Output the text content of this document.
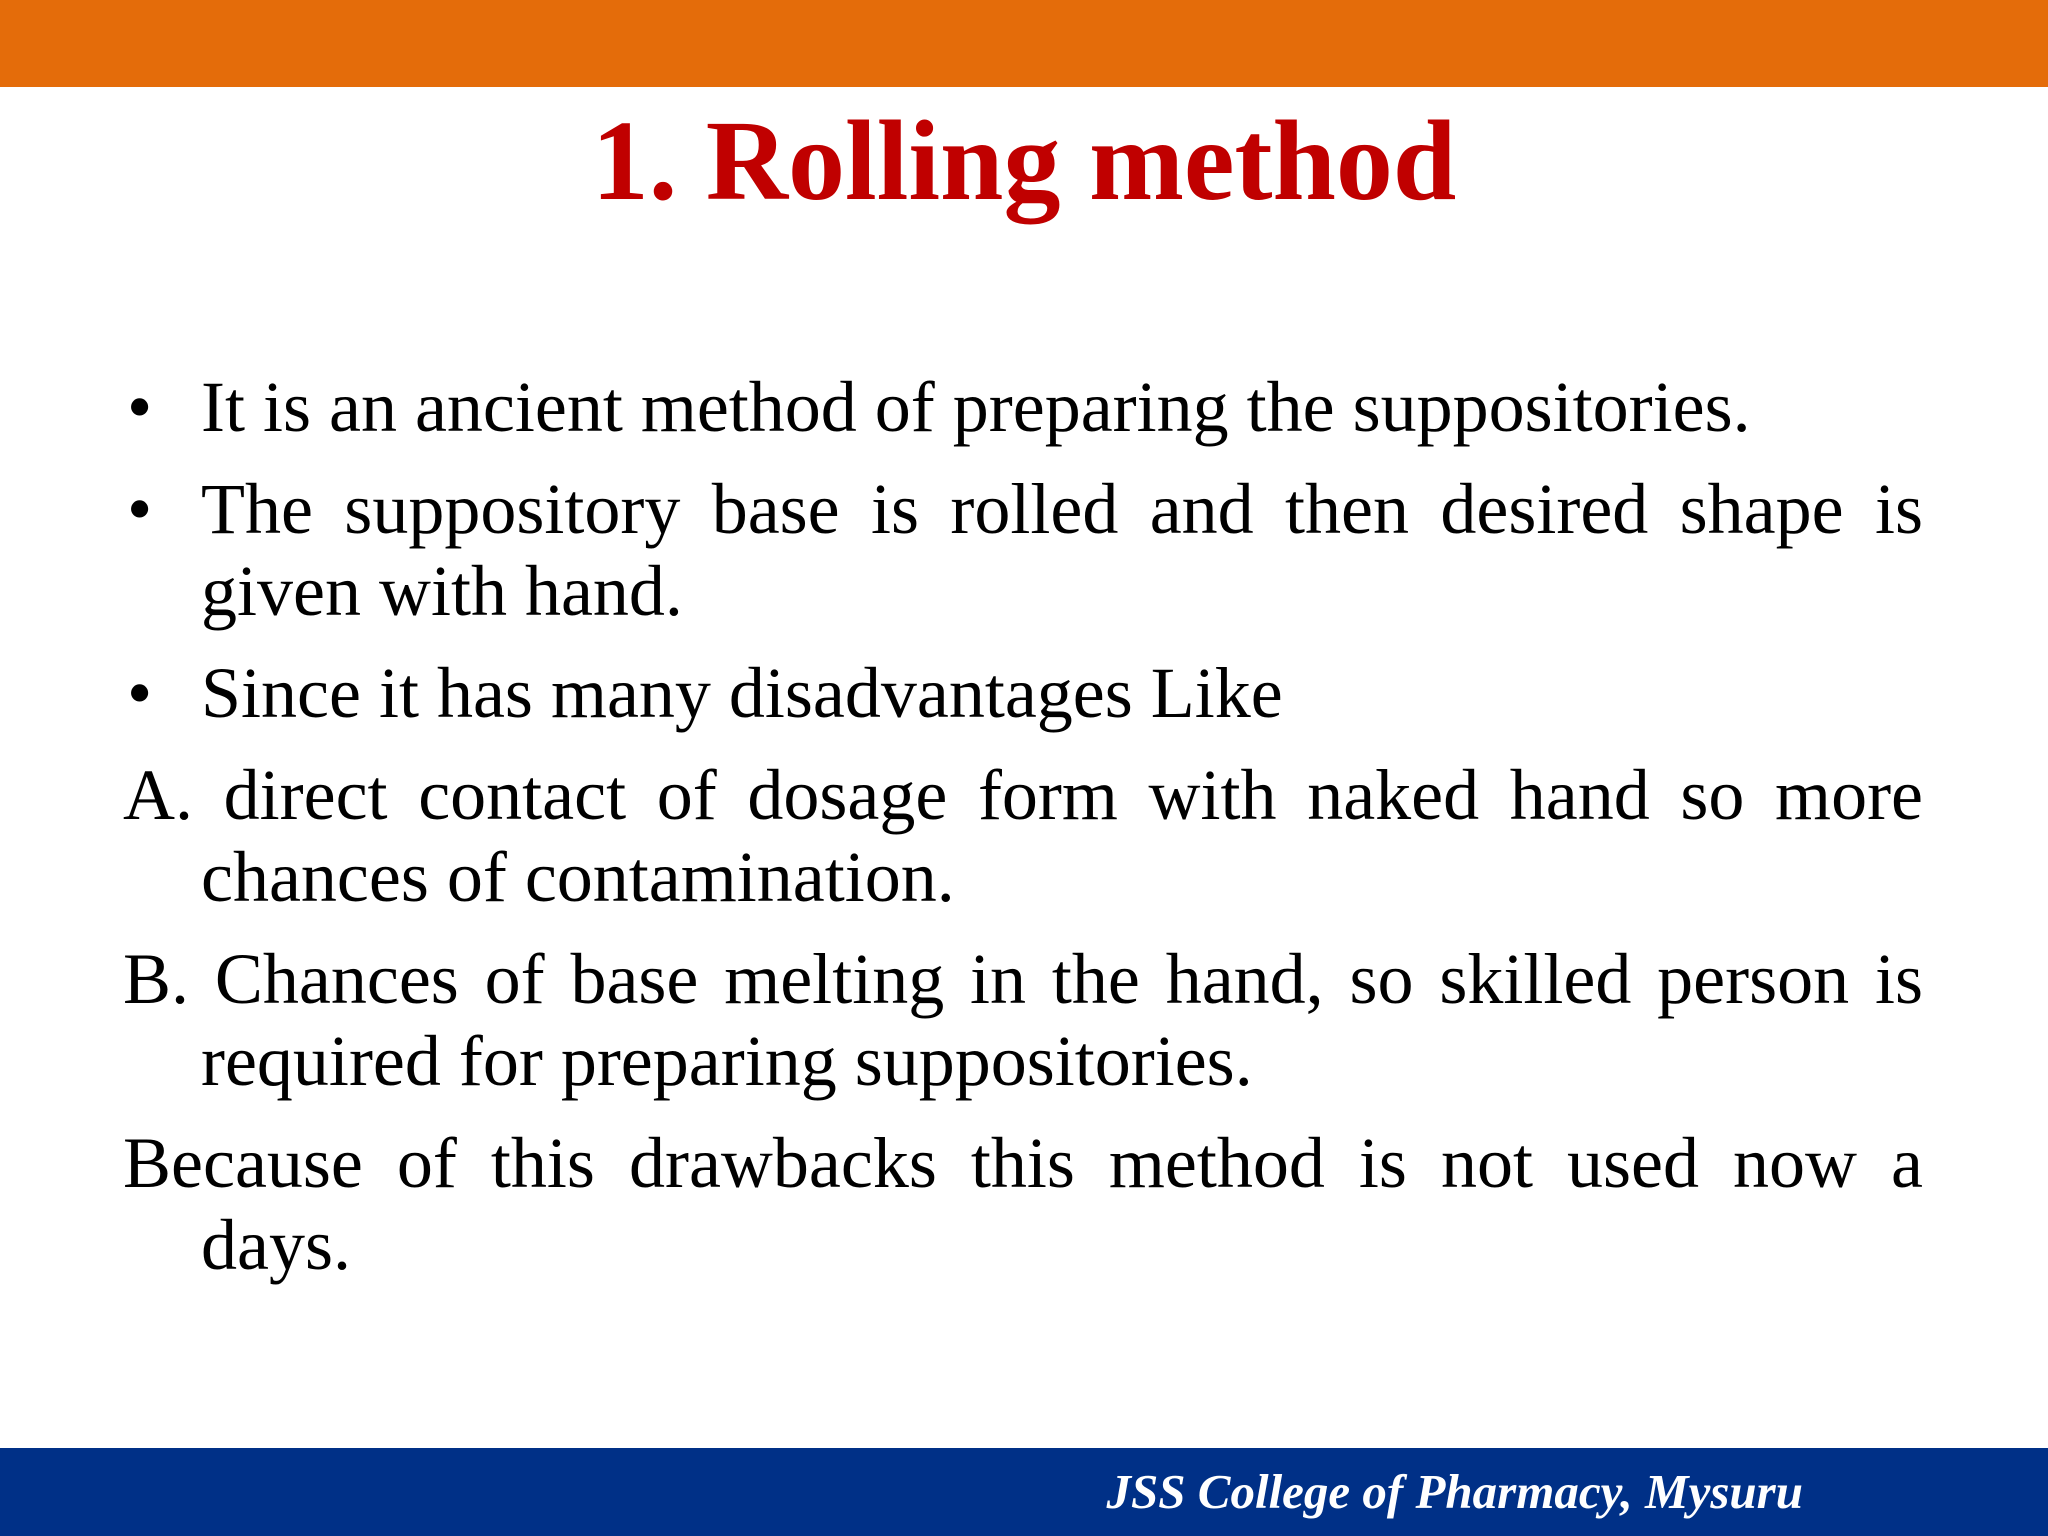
1. Rolling method
• It is an ancient method of preparing the suppositories.
• The suppository base is rolled and then desired shape is given with hand.
• Since it has many disadvantages Like
A. direct contact of dosage form with naked hand so more chances of contamination.
B. Chances of base melting in the hand, so skilled person is required for preparing suppositories.
Because of this drawbacks this method is not used now a days.
JSS College of Pharmacy, Mysuru
